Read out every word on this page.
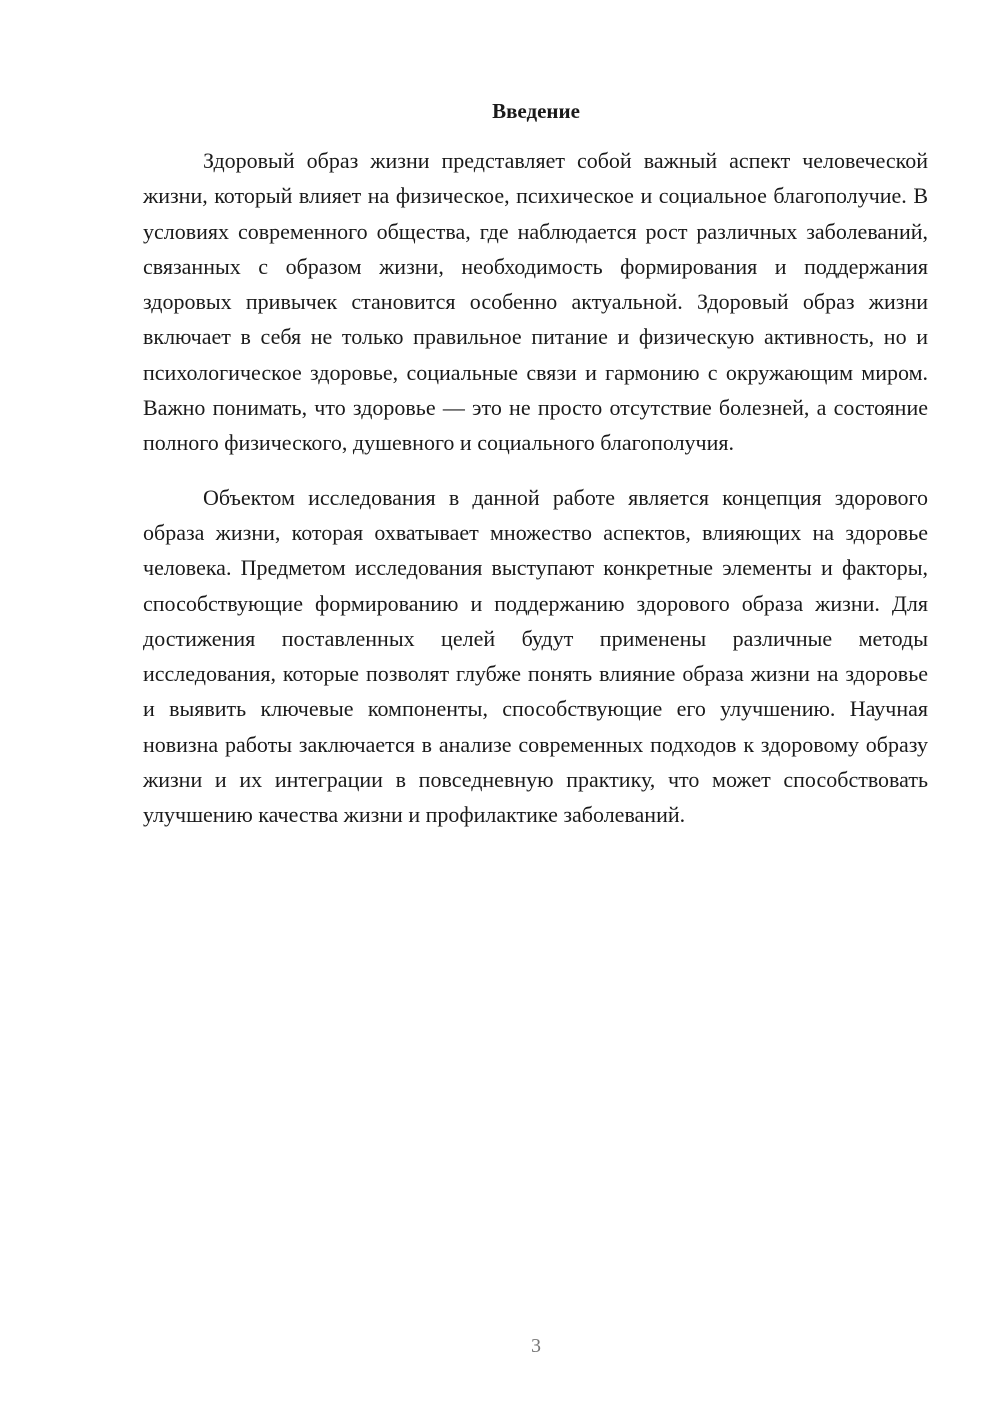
Введение

Здоровый образ жизни представляет собой важный аспект человеческой жизни, который влияет на физическое, психическое и социальное благополучие. В условиях современного общества, где наблюдается рост различных заболеваний, связанных с образом жизни, необходимость формирования и поддержания здоровых привычек становится особенно актуальной. Здоровый образ жизни включает в себя не только правильное питание и физическую активность, но и психологическое здоровье, социальные связи и гармонию с окружающим миром. Важно понимать, что здоровье — это не просто отсутствие болезней, а состояние полного физического, душевного и социального благополучия.

Объектом исследования в данной работе является концепция здорового образа жизни, которая охватывает множество аспектов, влияющих на здоровье человека. Предметом исследования выступают конкретные элементы и факторы, способствующие формированию и поддержанию здорового образа жизни. Для достижения поставленных целей будут применены различные методы исследования, которые позволят глубже понять влияние образа жизни на здоровье и выявить ключевые компоненты, способствующие его улучшению. Научная новизна работы заключается в анализе современных подходов к здоровому образу жизни и их интеграции в повседневную практику, что может способствовать улучшению качества жизни и профилактике заболеваний.

3
